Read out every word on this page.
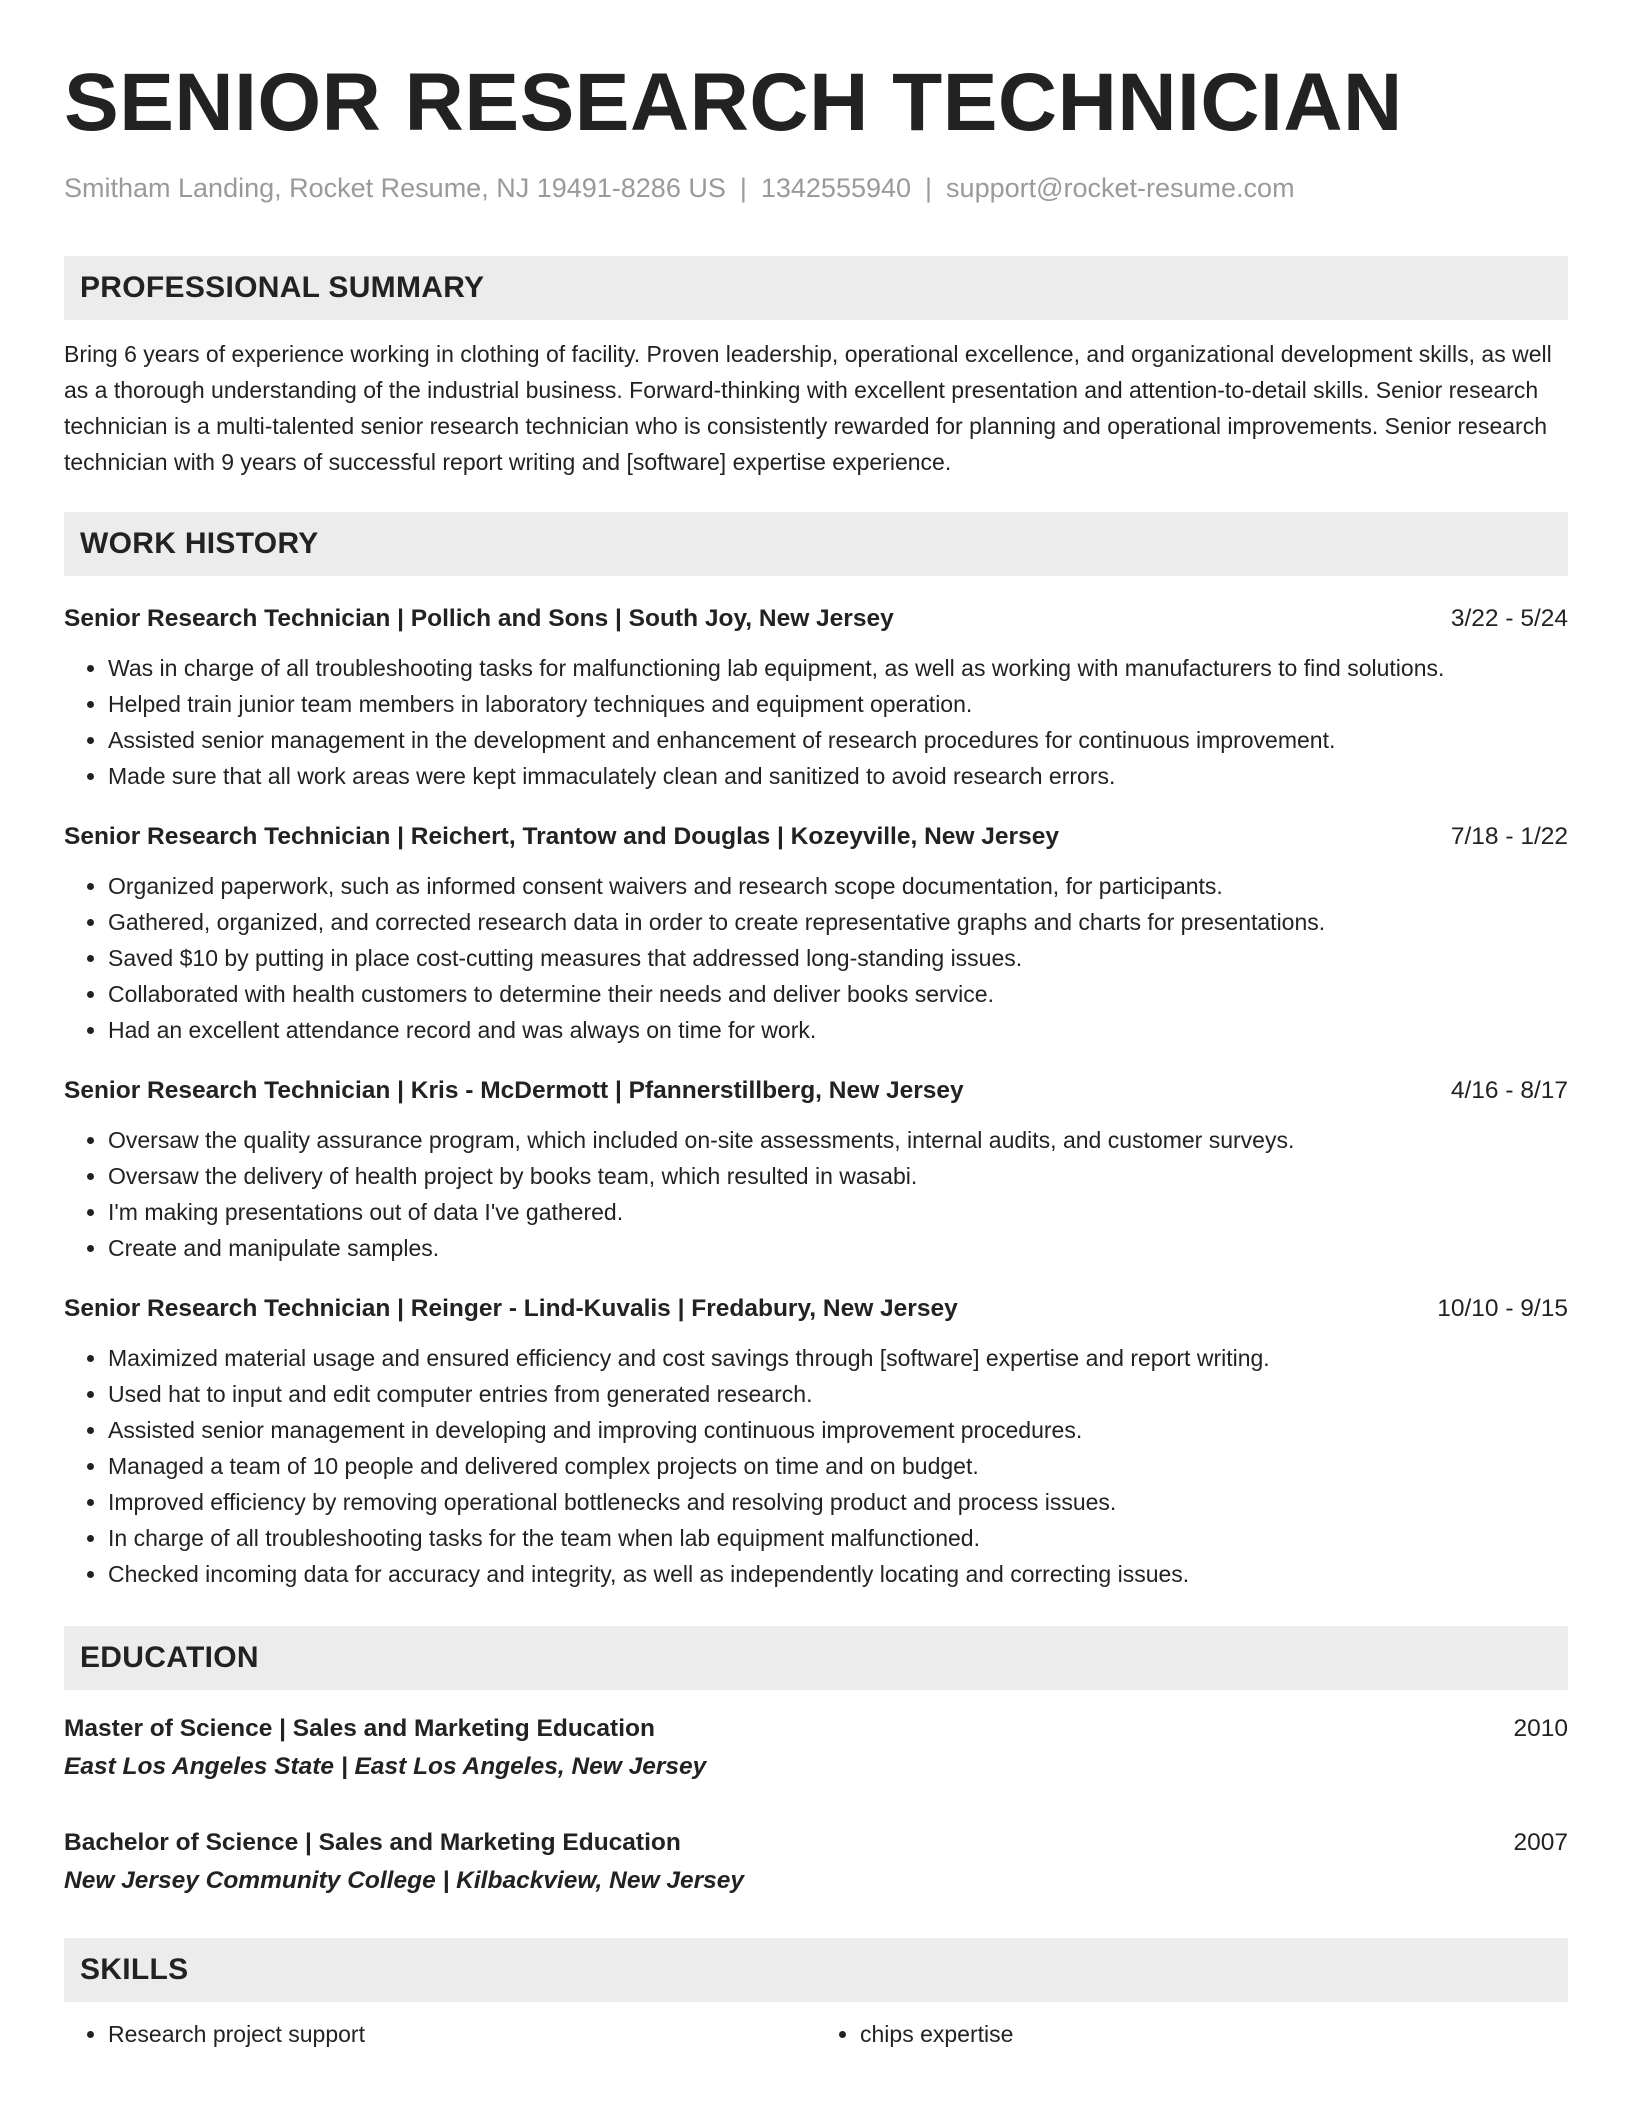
SENIOR RESEARCH TECHNICIAN
Smitham Landing, Rocket Resume, NJ 19491-8286 US | 1342555940 | support@rocket-resume.com
PROFESSIONAL SUMMARY
Bring 6 years of experience working in clothing of facility. Proven leadership, operational excellence, and organizational development skills, as well as a thorough understanding of the industrial business. Forward-thinking with excellent presentation and attention-to-detail skills. Senior research technician is a multi-talented senior research technician who is consistently rewarded for planning and operational improvements. Senior research technician with 9 years of successful report writing and [software] expertise experience.
WORK HISTORY
Senior Research Technician | Pollich and Sons | South Joy, New Jersey	3/22 - 5/24
• Was in charge of all troubleshooting tasks for malfunctioning lab equipment, as well as working with manufacturers to find solutions.
• Helped train junior team members in laboratory techniques and equipment operation.
• Assisted senior management in the development and enhancement of research procedures for continuous improvement.
• Made sure that all work areas were kept immaculately clean and sanitized to avoid research errors.
Senior Research Technician | Reichert, Trantow and Douglas | Kozeyville, New Jersey	7/18 - 1/22
• Organized paperwork, such as informed consent waivers and research scope documentation, for participants.
• Gathered, organized, and corrected research data in order to create representative graphs and charts for presentations.
• Saved $10 by putting in place cost-cutting measures that addressed long-standing issues.
• Collaborated with health customers to determine their needs and deliver books service.
• Had an excellent attendance record and was always on time for work.
Senior Research Technician | Kris - McDermott | Pfannerstillberg, New Jersey	4/16 - 8/17
• Oversaw the quality assurance program, which included on-site assessments, internal audits, and customer surveys.
• Oversaw the delivery of health project by books team, which resulted in wasabi.
• I'm making presentations out of data I've gathered.
• Create and manipulate samples.
Senior Research Technician | Reinger - Lind-Kuvalis | Fredabury, New Jersey	10/10 - 9/15
• Maximized material usage and ensured efficiency and cost savings through [software] expertise and report writing.
• Used hat to input and edit computer entries from generated research.
• Assisted senior management in developing and improving continuous improvement procedures.
• Managed a team of 10 people and delivered complex projects on time and on budget.
• Improved efficiency by removing operational bottlenecks and resolving product and process issues.
• In charge of all troubleshooting tasks for the team when lab equipment malfunctioned.
• Checked incoming data for accuracy and integrity, as well as independently locating and correcting issues.
EDUCATION
Master of Science | Sales and Marketing Education	2010
East Los Angeles State | East Los Angeles, New Jersey
Bachelor of Science | Sales and Marketing Education	2007
New Jersey Community College | Kilbackview, New Jersey
SKILLS
• Research project support
•	chips expertise
